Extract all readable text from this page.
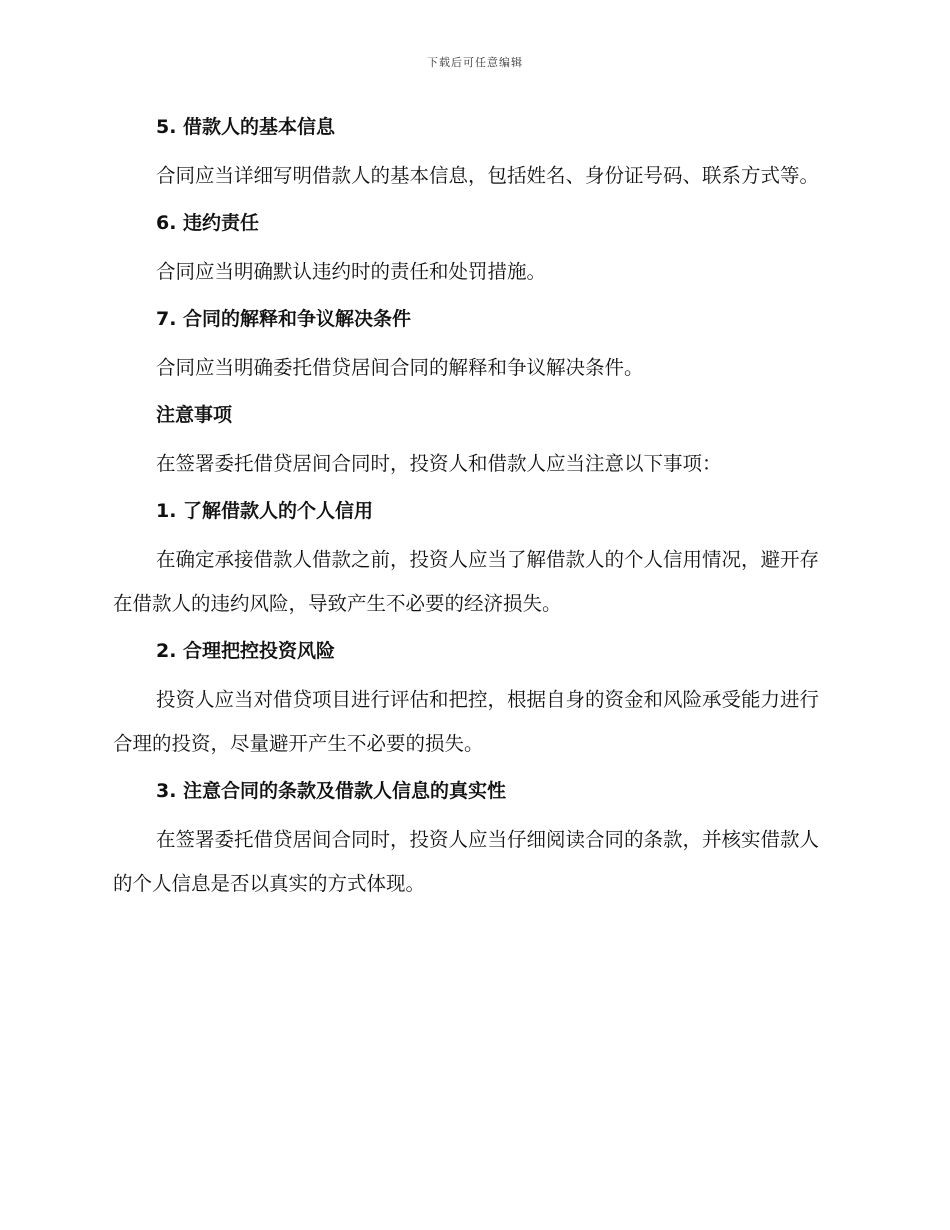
下载后可任意编辑
5. 借款人的基本信息

合同应当详细写明借款人的基本信息，包括姓名、身份证号码、联系方式等。

6. 违约责任

合同应当明确默认违约时的责任和处罚措施。

7. 合同的解释和争议解决条件

合同应当明确委托借贷居间合同的解释和争议解决条件。

注意事项

在签署委托借贷居间合同时，投资人和借款人应当注意以下事项：

1. 了解借款人的个人信用

在确定承接借款人借款之前，投资人应当了解借款人的个人信用情况，避开存在借款人的违约风险，导致产生不必要的经济损失。

2. 合理把控投资风险

投资人应当对借贷项目进行评估和把控，根据自身的资金和风险承受能力进行合理的投资，尽量避开产生不必要的损失。

3. 注意合同的条款及借款人信息的真实性

在签署委托借贷居间合同时，投资人应当仔细阅读合同的条款，并核实借款人的个人信息是否以真实的方式体现。
